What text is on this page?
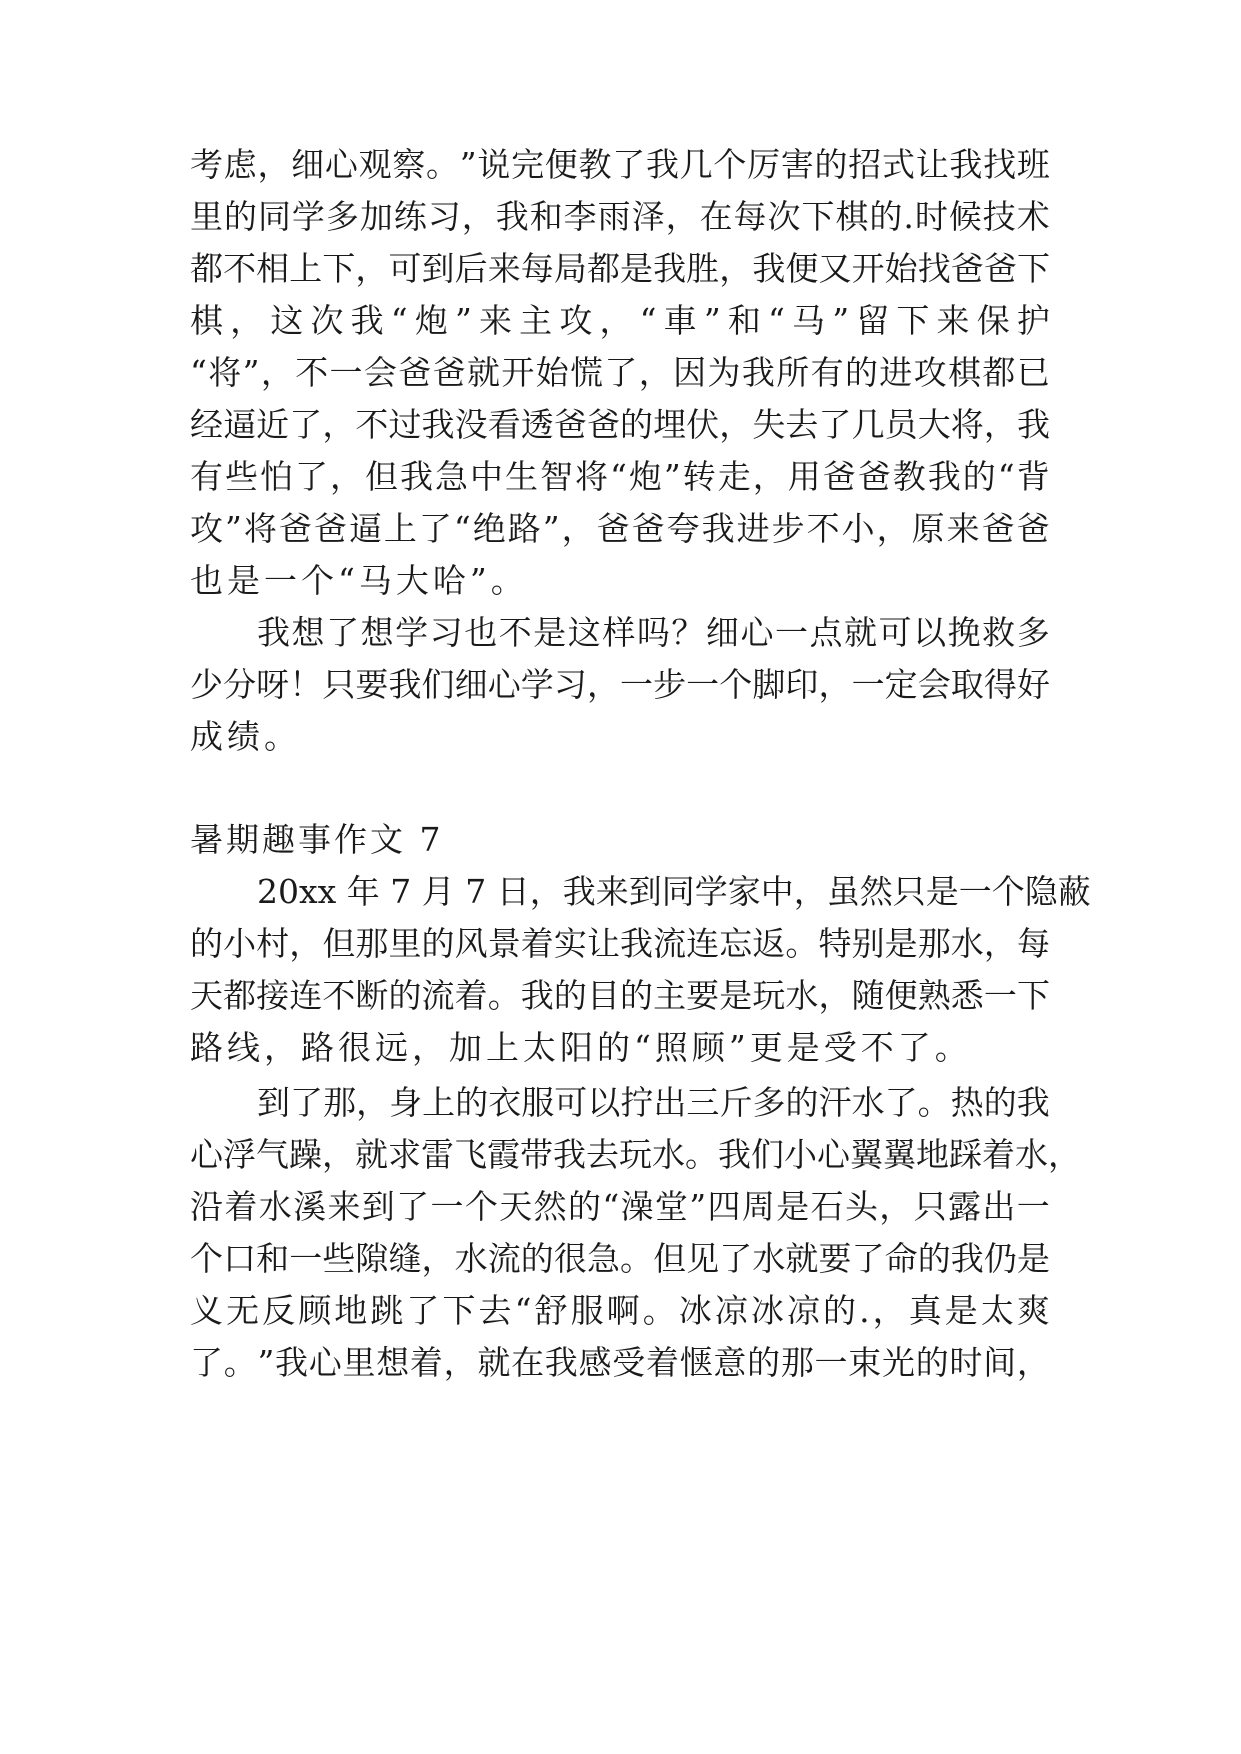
考 虑 ， 细 心 观 察 。 ” 说 完 便 教 了 我 几 个 厉 害 的 招 式 让 我 找 班
里 的 同 学 多 加 练 习 ， 我 和 李 雨 泽 ， 在 每 次 下 棋 的 . 时 候 技 术
都 不 相 上 下 ， 可 到 后 来 每 局 都 是 我 胜 ， 我 便 又 开 始 找 爸 爸 下
棋 ， 这 次 我 “ 炮 ” 来 主 攻 ， “ 車 ” 和 “ 马 ” 留 下 来 保 护
“ 将 ” ， 不 一 会 爸 爸 就 开 始 慌 了 ， 因 为 我 所 有 的 进 攻 棋 都 已
经 逼 近 了 ， 不 过 我 没 看 透 爸 爸 的 埋 伏 ， 失 去 了 几 员 大 将 ， 我
有 些 怕 了 ， 但 我 急 中 生 智 将 “ 炮 ” 转 走 ， 用 爸 爸 教 我 的 “ 背
攻 ” 将 爸 爸 逼 上 了 “ 绝 路 ” ， 爸 爸 夸 我 进 步 不 小 ， 原 来 爸 爸
也是一个“马大哈”。
我 想 了 想 学 习 也 不 是 这 样 吗 ？ 细 心 一 点 就 可 以 挽 救 多
少 分 呀 ！ 只 要 我 们 细 心 学 习 ， 一 步 一 个 脚 印 ， 一 定 会 取 得 好
成绩。
暑期趣事作文 7
2 0 x x
年
7
月
7
日 ， 我 来 到 同 学 家 中 ， 虽 然 只 是 一 个 隐 蔽
的 小 村 ， 但 那 里 的 风 景 着 实 让 我 流 连 忘 返 。 特 别 是 那 水 ， 每
天 都 接 连 不 断 的 流 着 。 我 的 目 的 主 要 是 玩 水 ， 随 便 熟 悉 一 下
路线，路很远，加上太阳的“照顾”更是受不了。
到 了 那 ， 身 上 的 衣 服 可 以 拧 出 三 斤 多 的 汗 水 了 。 热 的 我
心 浮 气 躁 ， 就 求 雷 飞 霞 带 我 去 玩 水 。 我 们 小 心 翼 翼 地 踩 着 水 ，
沿 着 水 溪 来 到 了 一 个 天 然 的 “ 澡 堂 ” 四 周 是 石 头 ， 只 露 出 一
个 口 和 一 些 隙 缝 ， 水 流 的 很 急 。 但 见 了 水 就 要 了 命 的 我 仍 是
义 无 反 顾 地 跳 了 下 去 “ 舒 服 啊 。 冰 凉 冰 凉 的 . ， 真 是 太 爽
了 。 ” 我 心 里 想 着 ， 就 在 我 感 受 着 惬 意 的 那 一 束 光 的 时 间 ，
